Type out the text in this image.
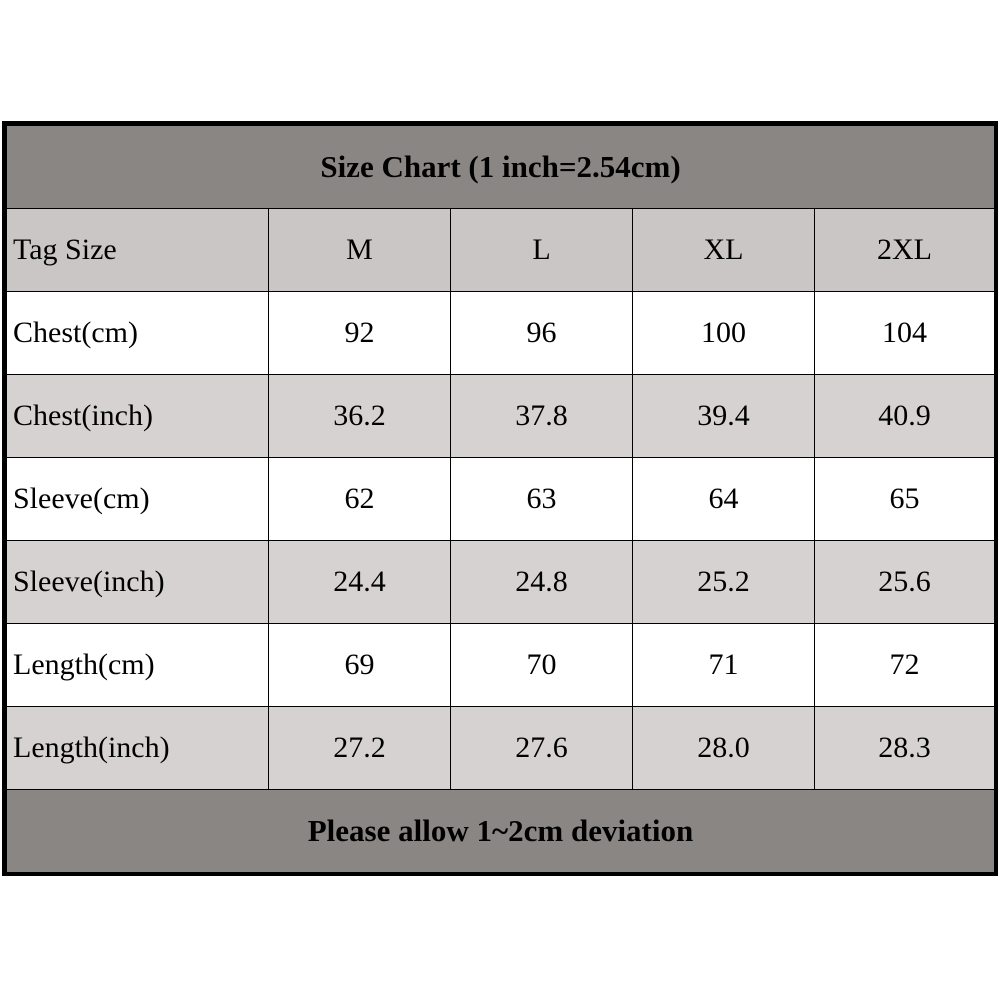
Size Chart (1 inch=2.54cm)				
Tag Size	M	L	XL	2XL
Chest(cm)	92	96	100	104
Chest(inch)	36.2	37.8	39.4	40.9
Sleeve(cm)	62	63	64	65
Sleeve(inch)	24.4	24.8	25.2	25.6
Length(cm)	69	70	71	72
Length(inch)	27.2	27.6	28.0	28.3
Please allow 1~2cm deviation				
